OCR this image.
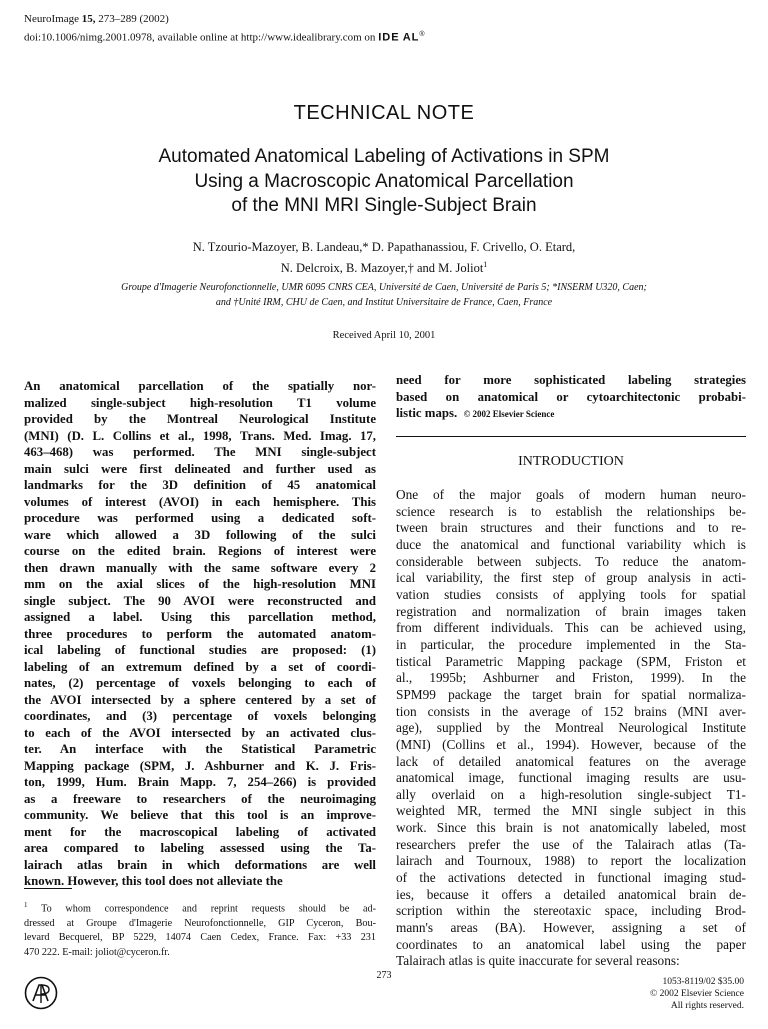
NeuroImage 15, 273–289 (2002)
doi:10.1006/nimg.2001.0978, available online at http://www.idealibrary.com on IDE AL®
TECHNICAL NOTE
Automated Anatomical Labeling of Activations in SPM
Using a Macroscopic Anatomical Parcellation
of the MNI MRI Single-Subject Brain
N. Tzourio-Mazoyer, B. Landeau,* D. Papathanassiou, F. Crivello, O. Etard,
N. Delcroix, B. Mazoyer,† and M. Joliot$^1$
Groupe d'Imagerie Neurofonctionnelle, UMR 6095 CNRS CEA, Université de Caen, Université de Paris 5; *INSERM U320, Caen;
and †Unité IRM, CHU de Caen, and Institut Universitaire de France, Caen, France
Received April 10, 2001
An anatomical parcellation of the spatially nor-
malized single-subject high-resolution T1 volume
provided by the Montreal Neurological Institute
(MNI) (D. L. Collins et al., 1998, Trans. Med. Imag. 17,
463–468) was performed. The MNI single-subject
main sulci were first delineated and further used as
landmarks for the 3D definition of 45 anatomical
volumes of interest (AVOI) in each hemisphere. This
procedure was performed using a dedicated soft-
ware which allowed a 3D following of the sulci
course on the edited brain. Regions of interest were
then drawn manually with the same software every 2
mm on the axial slices of the high-resolution MNI
single subject. The 90 AVOI were reconstructed and
assigned a label. Using this parcellation method,
three procedures to perform the automated anatom-
ical labeling of functional studies are proposed: (1)
labeling of an extremum defined by a set of coordi-
nates, (2) percentage of voxels belonging to each of
the AVOI intersected by a sphere centered by a set of
coordinates, and (3) percentage of voxels belonging
to each of the AVOI intersected by an activated clus-
ter. An interface with the Statistical Parametric
Mapping package (SPM, J. Ashburner and K. J. Fris-
ton, 1999, Hum. Brain Mapp. 7, 254–266) is provided
as a freeware to researchers of the neuroimaging
community. We believe that this tool is an improve-
ment for the macroscopical labeling of activated
area compared to labeling assessed using the Ta-
lairach atlas brain in which deformations are well
known. However, this tool does not alleviate the
need for more sophisticated labeling strategies
based on anatomical or cytoarchitectonic probabi-
listic maps. © 2002 Elsevier Science
INTRODUCTION
One of the major goals of modern human neuro-
science research is to establish the relationships be-
tween brain structures and their functions and to re-
duce the anatomical and functional variability which is
considerable between subjects. To reduce the anatom-
ical variability, the first step of group analysis in acti-
vation studies consists of applying tools for spatial
registration and normalization of brain images taken
from different individuals. This can be achieved using,
in particular, the procedure implemented in the Sta-
tistical Parametric Mapping package (SPM, Friston et
al., 1995b; Ashburner and Friston, 1999). In the
SPM99 package the target brain for spatial normaliza-
tion consists in the average of 152 brains (MNI aver-
age), supplied by the Montreal Neurological Institute
(MNI) (Collins et al., 1994). However, because of the
lack of detailed anatomical features on the average
anatomical image, functional imaging results are usu-
ally overlaid on a high-resolution single-subject T1-
weighted MR, termed the MNI single subject in this
work. Since this brain is not anatomically labeled, most
researchers prefer the use of the Talairach atlas (Ta-
lairach and Tournoux, 1988) to report the localization
of the activations detected in functional imaging stud-
ies, because it offers a detailed anatomical brain de-
scription within the stereotaxic space, including Brod-
mann's areas (BA). However, assigning a set of
coordinates to an anatomical label using the paper
Talairach atlas is quite inaccurate for several reasons:
$^1$ To whom correspondence and reprint requests should be ad-
dressed at Groupe d'Imagerie Neurofonctionnelle, GIP Cyceron, Bou-
levard Becquerel, BP 5229, 14074 Caen Cedex, France. Fax: +33 231
470 222. E-mail: joliot@cyceron.fr.
273
1053-8119/02 $35.00
© 2002 Elsevier Science
All rights reserved.
